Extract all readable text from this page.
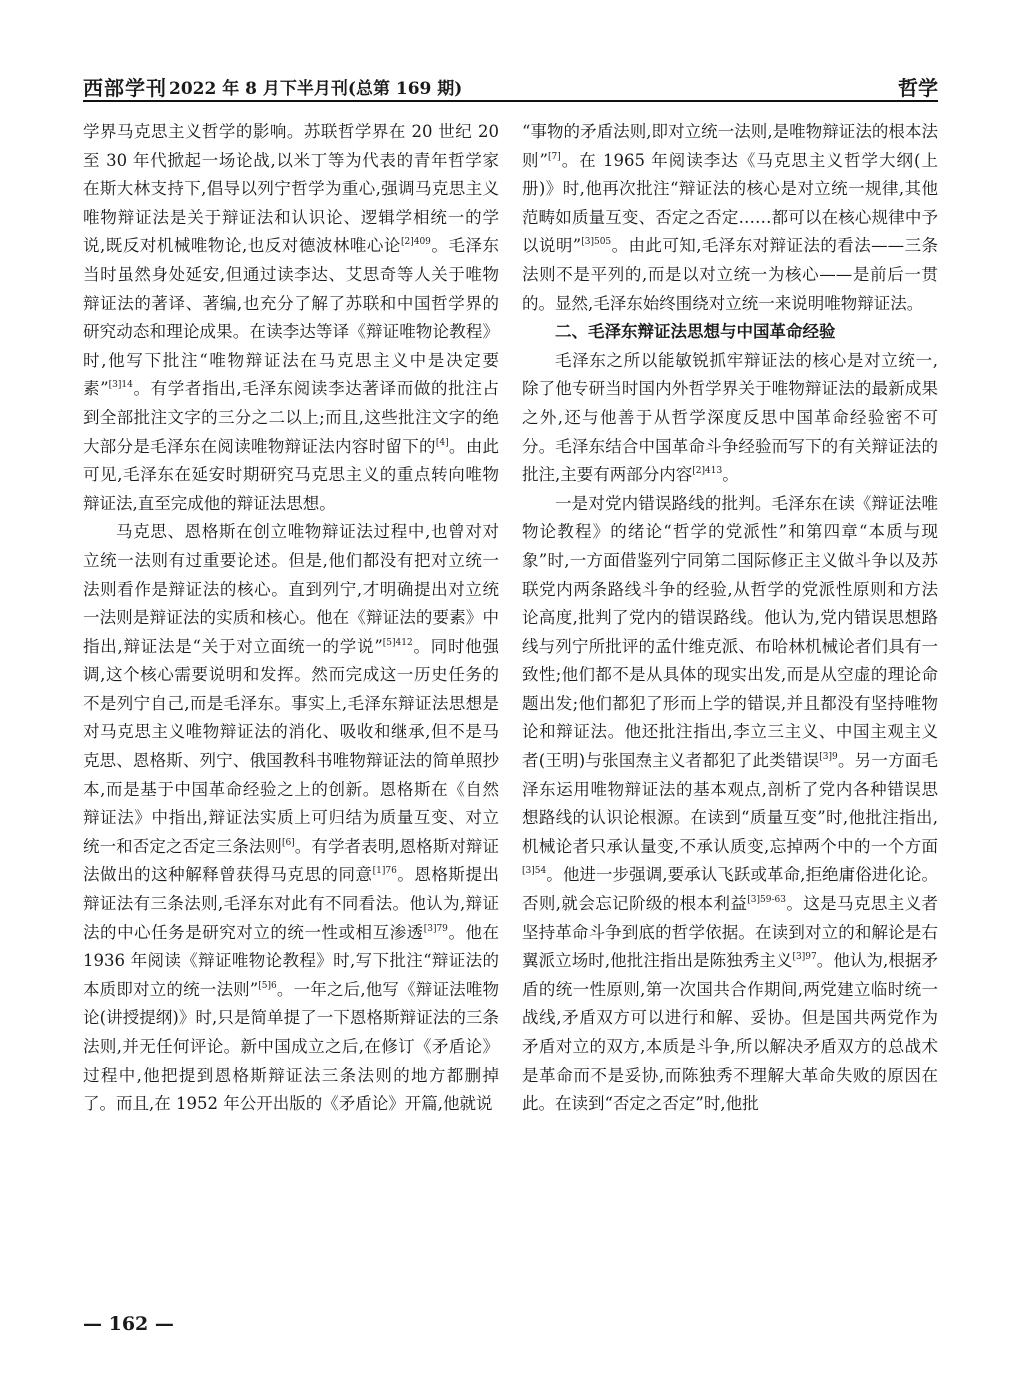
西部学刊 2022 年 8 月下半月刊(总第 169 期)	哲学

学界马克思主义哲学的影响。苏联哲学界在 20 世纪 20 至 30 年代掀起一场论战,以米丁等为代表的青年哲学家在斯大林支持下,倡导以列宁哲学为重心,强调马克思主义唯物辩证法是关于辩证法和认识论、逻辑学相统一的学说,既反对机械唯物论,也反对德波林唯心论$^{[2]409}$。毛泽东当时虽然身处延安,但通过读李达、艾思奇等人关于唯物辩证法的著译、著编,也充分了解了苏联和中国哲学界的研究动态和理论成果。在读李达等译《辩证唯物论教程》时,他写下批注“唯物辩证法在马克思主义中是决定要素”$^{[3]14}$。有学者指出,毛泽东阅读李达著译而做的批注占到全部批注文字的三分之二以上;而且,这些批注文字的绝大部分是毛泽东在阅读唯物辩证法内容时留下的[4]。由此可见,毛泽东在延安时期研究马克思主义的重点转向唯物辩证法,直至完成他的辩证法思想。

马克思、恩格斯在创立唯物辩证法过程中,也曾对对立统一法则有过重要论述。但是,他们都没有把对立统一法则看作是辩证法的核心。直到列宁,才明确提出对立统一法则是辩证法的实质和核心。他在《辩证法的要素》中指出,辩证法是“关于对立面统一的学说”$^{[5]412}$。同时他强调,这个核心需要说明和发挥。然而完成这一历史任务的不是列宁自己,而是毛泽东。事实上,毛泽东辩证法思想是对马克思主义唯物辩证法的消化、吸收和继承,但不是马克思、恩格斯、列宁、俄国教科书唯物辩证法的简单照抄本,而是基于中国革命经验之上的创新。恩格斯在《自然辩证法》中指出,辩证法实质上可归结为质量互变、对立统一和否定之否定三条法则[6]。有学者表明,恩格斯对辩证法做出的这种解释曾获得马克思的同意$^{[1]76}$。恩格斯提出辩证法有三条法则,毛泽东对此有不同看法。他认为,辩证法的中心任务是研究对立的统一性或相互渗透$^{[3]79}$。他在 1936 年阅读《辩证唯物论教程》时,写下批注“辩证法的本质即对立的统一法则”$^{[5]6}$。一年之后,他写《辩证法唯物论(讲授提纲)》时,只是简单提了一下恩格斯辩证法的三条法则,并无任何评论。新中国成立之后,在修订《矛盾论》过程中,他把提到恩格斯辩证法三条法则的地方都删掉了。而且,在 1952 年公开出版的《矛盾论》开篇,他就说

“事物的矛盾法则,即对立统一法则,是唯物辩证法的根本法则”[7]。在 1965 年阅读李达《马克思主义哲学大纲(上册)》时,他再次批注“辩证法的核心是对立统一规律,其他范畴如质量互变、否定之否定……都可以在核心规律中予以说明”$^{[3]505}$。由此可知,毛泽东对辩证法的看法——三条法则不是平列的,而是以对立统一为核心——是前后一贯的。显然,毛泽东始终围绕对立统一来说明唯物辩证法。

二、毛泽东辩证法思想与中国革命经验

毛泽东之所以能敏锐抓牢辩证法的核心是对立统一,除了他专研当时国内外哲学界关于唯物辩证法的最新成果之外,还与他善于从哲学深度反思中国革命经验密不可分。毛泽东结合中国革命斗争经验而写下的有关辩证法的批注,主要有两部分内容$^{[2]413}$。

一是对党内错误路线的批判。毛泽东在读《辩证法唯物论教程》的绪论“哲学的党派性”和第四章“本质与现象”时,一方面借鉴列宁同第二国际修正主义做斗争以及苏联党内两条路线斗争的经验,从哲学的党派性原则和方法论高度,批判了党内的错误路线。他认为,党内错误思想路线与列宁所批评的孟什维克派、布哈林机械论者们具有一致性;他们都不是从具体的现实出发,而是从空虚的理论命题出发;他们都犯了形而上学的错误,并且都没有坚持唯物论和辩证法。他还批注指出,李立三主义、中国主观主义者(王明)与张国焘主义者都犯了此类错误$^{[3]9}$。另一方面毛泽东运用唯物辩证法的基本观点,剖析了党内各种错误思想路线的认识论根源。在读到“质量互变”时,他批注指出,机械论者只承认量变,不承认质变,忘掉两个中的一个方面$^{[3]54}$。他进一步强调,要承认飞跃或革命,拒绝庸俗进化论。否则,就会忘记阶级的根本利益$^{[3]59-63}$。这是马克思主义者坚持革命斗争到底的哲学依据。在读到对立的和解论是右翼派立场时,他批注指出是陈独秀主义$^{[3]97}$。他认为,根据矛盾的统一性原则,第一次国共合作期间,两党建立临时统一战线,矛盾双方可以进行和解、妥协。但是国共两党作为矛盾对立的双方,本质是斗争,所以解决矛盾双方的总战术是革命而不是妥协,而陈独秀不理解大革命失败的原因在此。在读到“否定之否定”时,他批

— 162 —
